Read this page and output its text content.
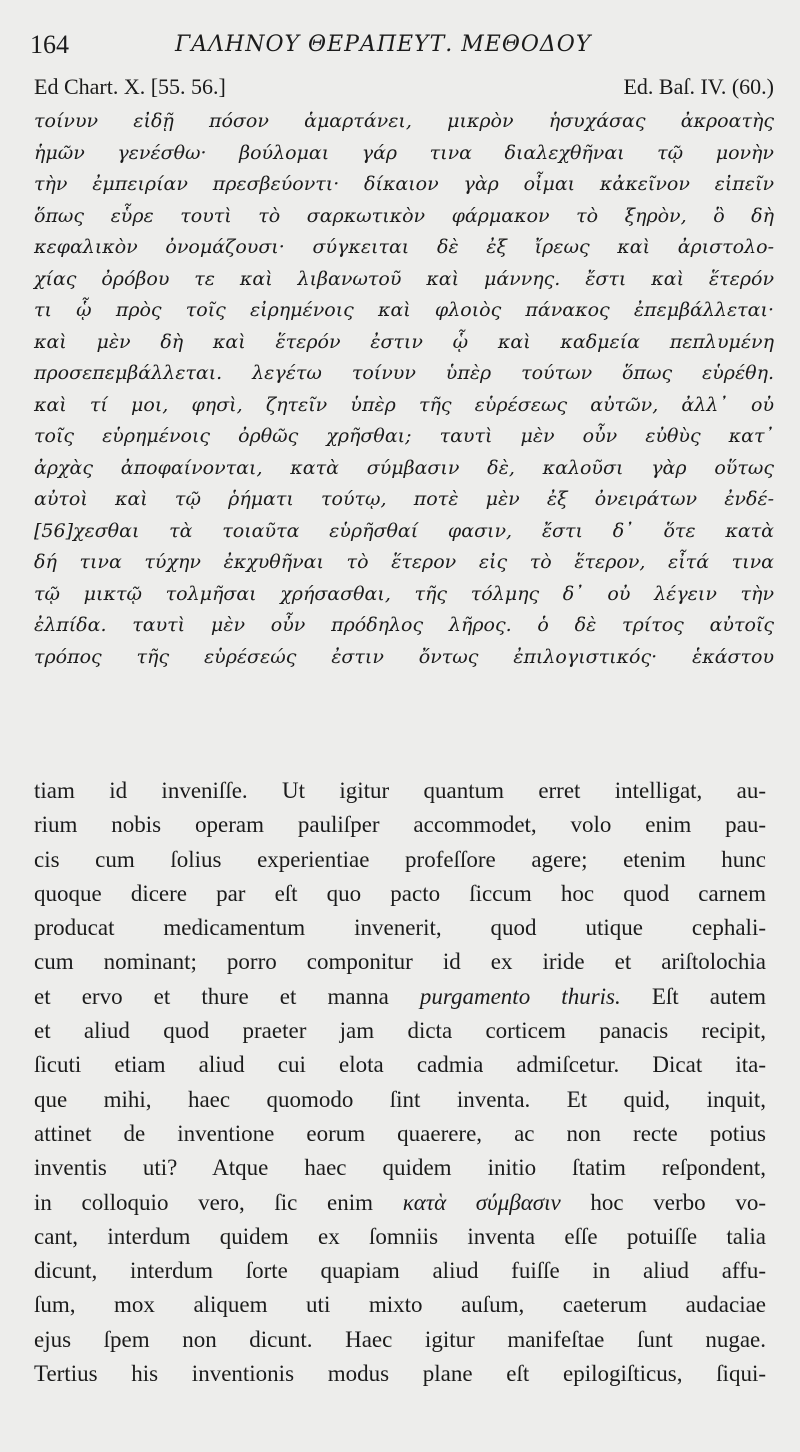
164	ΓΑΛΗΝΟΥ ΘΕΡΑΠΕΥΤ. ΜΕΘΟΔΟΥ
Ed Chart. X. [55. 56.]	Ed. Baſ. IV. (60.)
τοίνυν εἰδῇ πόσον ἁμαρτάνει, μικρὸν ἡσυχάσας ἀκροατὴς
ἡμῶν γενέσθω· βούλομαι γάρ τινα διαλεχθῆναι τῷ μονὴν
τὴν ἐμπειρίαν πρεσβεύοντι· δίκαιον γὰρ οἶμαι κἀκεῖνον εἰπεῖν
ὅπως εὗρε τουτὶ τὸ σαρκωτικὸν φάρμακον τὸ ξηρὸν, ὃ δὴ
κεφαλικὸν ὀνομάζουσι· σύγκειται δὲ ἐξ ἴρεως καὶ ἀριστολο-
χίας ὀρόβου τε καὶ λιβανωτοῦ καὶ μάννης. ἔστι καὶ ἕτερόν
τι ᾧ πρὸς τοῖς εἰρημένοις καὶ φλοιὸς πάνακος ἐπεμβάλλεται·
καὶ μὲν δὴ καὶ ἕτερόν ἐστιν ᾧ καὶ καδμεία πεπλυμένη
προσεπεμβάλλεται. λεγέτω τοίνυν ὑπὲρ τούτων ὅπως εὑρέθη.
καὶ τί μοι, φησὶ, ζητεῖν ὑπὲρ τῆς εὑρέσεως αὐτῶν, ἀλλ᾽ οὐ
τοῖς εὑρημένοις ὀρθῶς χρῆσθαι; ταυτὶ μὲν οὖν εὐθὺς κατ᾽
ἀρχὰς ἀποφαίνονται, κατὰ σύμβασιν δὲ, καλοῦσι γὰρ οὕτως
αὐτοὶ καὶ τῷ ῥήματι τούτῳ, ποτὲ μὲν ἐξ ὀνειράτων ἐνδέ-
[56]χεσθαι τὰ τοιαῦτα εὑρῆσθαί φασιν, ἔστι δ᾽ ὅτε κατὰ
δή τινα τύχην ἐκχυθῆναι τὸ ἕτερον εἰς τὸ ἕτερον, εἶτά τινα
τῷ μικτῷ τολμῆσαι χρήσασθαι, τῆς τόλμης δ᾽ οὐ λέγειν τὴν
ἐλπίδα. ταυτὶ μὲν οὖν πρόδηλος λῆρος. ὁ δὲ τρίτος αὐτοῖς
τρόπος τῆς εὑρέσεώς ἐστιν ὄντως ἐπιλογιστικός· ἑκάστου
tiam id inveniſſe. Ut igitur quantum erret intelligat, au-
rium nobis operam pauliſper accommodet, volo enim pau-
cis cum ſolius experientiae profeſſore agere; etenim hunc
quoque dicere par eſt quo pacto ſiccum hoc quod carnem
producat medicamentum invenerit, quod utique cephali-
cum nominant; porro componitur id ex iride et ariſtolochia
et ervo et thure et manna purgamento thuris. Eſt autem
et aliud quod praeter jam dicta corticem panacis recipit,
ſicuti etiam aliud cui elota cadmia admiſcetur. Dicat ita-
que mihi, haec quomodo ſint inventa. Et quid, inquit,
attinet de inventione eorum quaerere, ac non recte potius
inventis uti? Atque haec quidem initio ſtatim reſpondent,
in colloquio vero, ſic enim κατὰ σύμβασιν hoc verbo vo-
cant, interdum quidem ex ſomniis inventa eſſe potuiſſe talia
dicunt, interdum ſorte quapiam aliud fuiſſe in aliud affu-
ſum, mox aliquem uti mixto auſum, caeterum audaciae
ejus ſpem non dicunt. Haec igitur manifeſtae ſunt nugae.
Tertius his inventionis modus plane eſt epilogiſticus, ſiqui-
